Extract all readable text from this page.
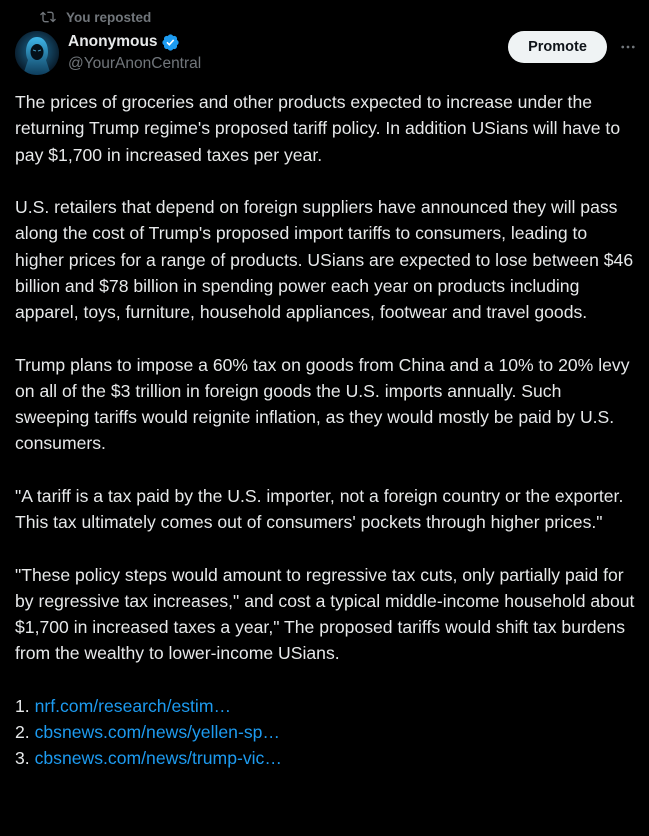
You reposted
Anonymous
@YourAnonCentral
Promote

The prices of groceries and other products expected to increase under the returning Trump regime's proposed tariff policy. In addition USians will have to pay $1,700 in increased taxes per year.

U.S. retailers that depend on foreign suppliers have announced they will pass along the cost of Trump's proposed import tariffs to consumers, leading to higher prices for a range of products. USians are expected to lose between $46 billion and $78 billion in spending power each year on products including apparel, toys, furniture, household appliances, footwear and travel goods.

Trump plans to impose a 60% tax on goods from China and a 10% to 20% levy on all of the $3 trillion in foreign goods the U.S. imports annually. Such sweeping tariffs would reignite inflation, as they would mostly be paid by U.S. consumers.

"A tariff is a tax paid by the U.S. importer, not a foreign country or the exporter. This tax ultimately comes out of consumers' pockets through higher prices."

"These policy steps would amount to regressive tax cuts, only partially paid for by regressive tax increases," and cost a typical middle-income household about $1,700 in increased taxes a year," The proposed tariffs would shift tax burdens from the wealthy to lower-income USians.

1. nrf.com/research/estim…

2. cbsnews.com/news/yellen-sp…

3. cbsnews.com/news/trump-vic…
